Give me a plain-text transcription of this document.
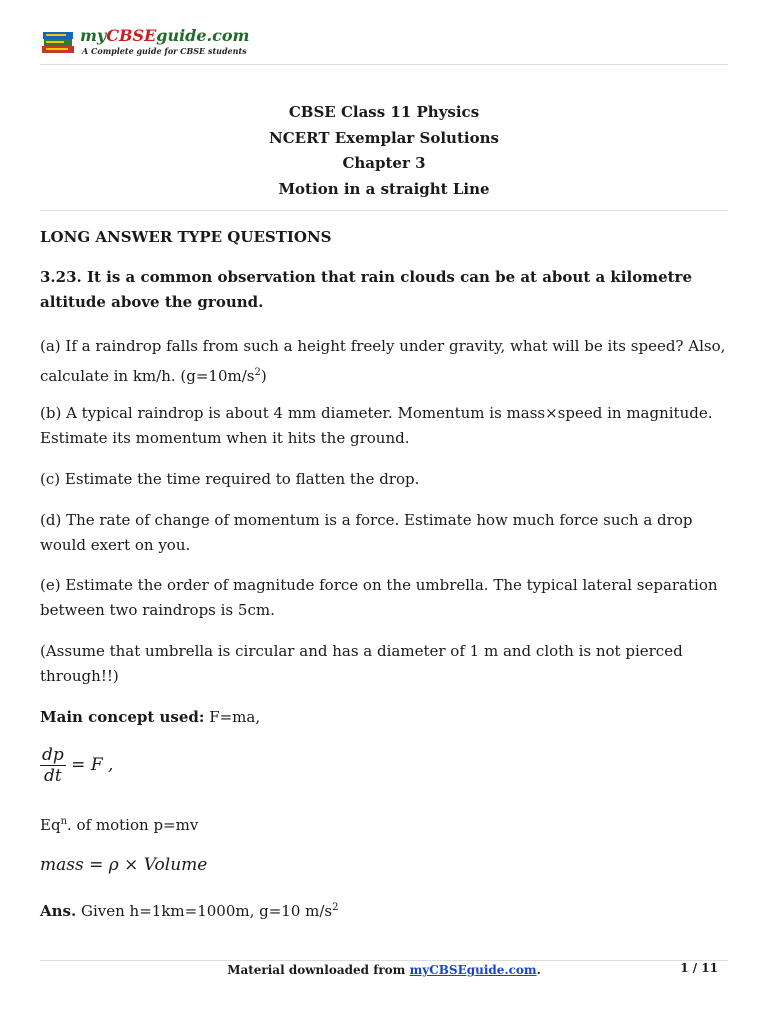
myCBSEguide.com
A Complete guide for CBSE students
CBSE Class 11 Physics
NCERT Exemplar Solutions
Chapter 3
Motion in a straight Line

LONG ANSWER TYPE QUESTIONS

3.23. It is a common observation that rain clouds can be at about a kilometre altitude above the ground.

(a) If a raindrop falls from such a height freely under gravity, what will be its speed? Also, calculate in km/h. $(g=10m/s^2)$

(b) A typical raindrop is about 4 mm diameter. Momentum is mass×speed in magnitude. Estimate its momentum when it hits the ground.

(c) Estimate the time required to flatten the drop.

(d) The rate of change of momentum is a force. Estimate how much force such a drop would exert on you.

(e) Estimate the order of magnitude force on the umbrella. The typical lateral separation between two raindrops is 5cm.

(Assume that umbrella is circular and has a diameter of 1 m and cloth is not pierced through!!)

Main concept used: F=ma,

$\frac{dp}{dt} = F$ ,

Eq$^n$. of motion p=mv

mass = ρ × Volume

Ans. Given h=1km=1000m, g=10 $m/s^2$

Material downloaded from myCBSEguide.com.	1 / 11
